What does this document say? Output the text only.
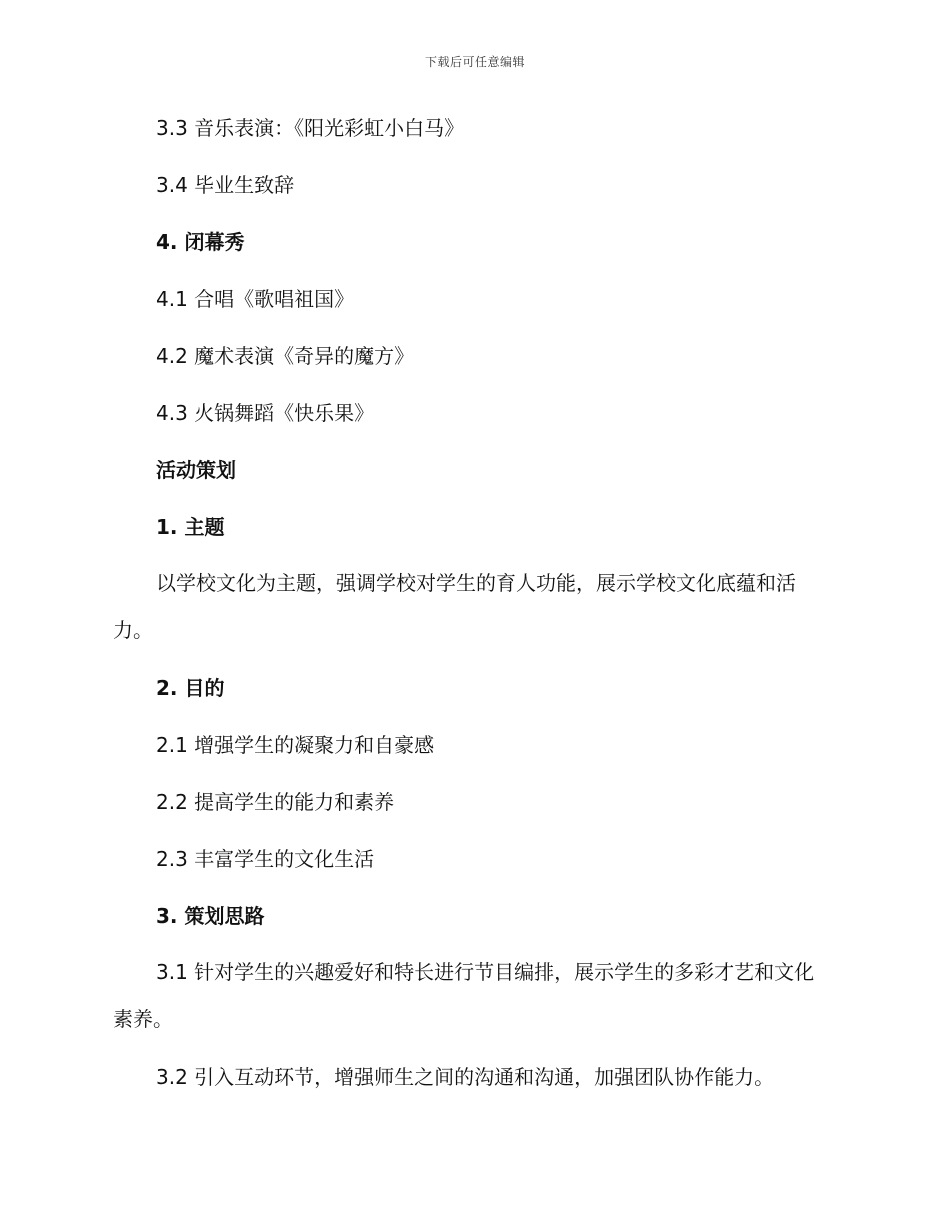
下载后可任意编辑
3.3 音乐表演：《阳光彩虹小白马》
3.4 毕业生致辞
4. 闭幕秀
4.1 合唱《歌唱祖国》
4.2 魔术表演《奇异的魔方》
4.3 火锅舞蹈《快乐果》
活动策划
1. 主题
以学校文化为主题，强调学校对学生的育人功能，展示学校文化底蕴和活力。
2. 目的
2.1 增强学生的凝聚力和自豪感
2.2 提高学生的能力和素养
2.3 丰富学生的文化生活
3. 策划思路
3.1 针对学生的兴趣爱好和特长进行节目编排，展示学生的多彩才艺和文化素养。
3.2 引入互动环节，增强师生之间的沟通和沟通，加强团队协作能力。
